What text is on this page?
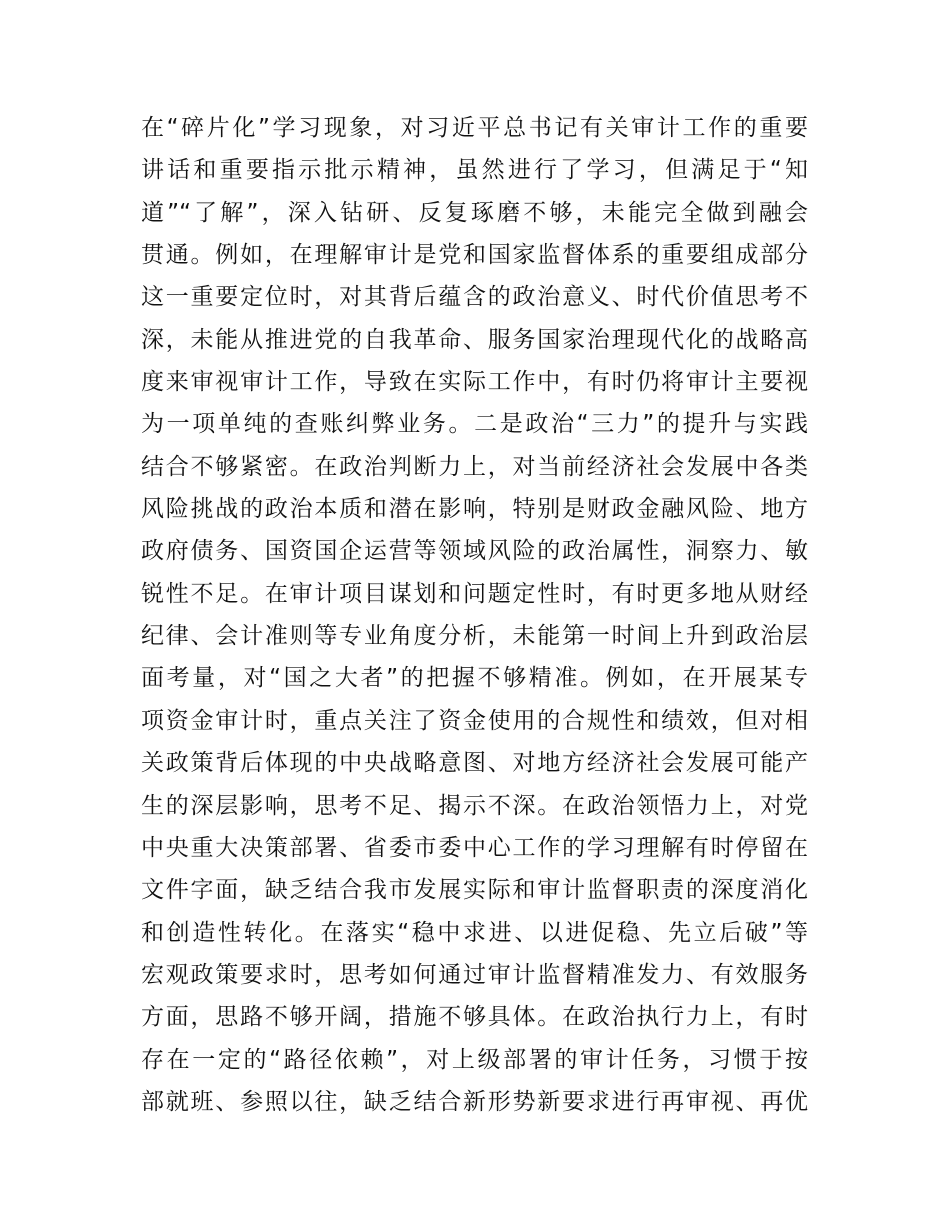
在“碎片化”学习现象，对习近平总书记有关审计工作的重要
讲话和重要指示批示精神，虽然进行了学习，但满足于“知
道”“了解”，深入钻研、反复琢磨不够，未能完全做到融会
贯通。例如，在理解审计是党和国家监督体系的重要组成部分
这一重要定位时，对其背后蕴含的政治意义、时代价值思考不
深，未能从推进党的自我革命、服务国家治理现代化的战略高
度来审视审计工作，导致在实际工作中，有时仍将审计主要视
为一项单纯的查账纠弊业务。二是政治“三力”的提升与实践
结合不够紧密。在政治判断力上，对当前经济社会发展中各类
风险挑战的政治本质和潜在影响，特别是财政金融风险、地方
政府债务、国资国企运营等领域风险的政治属性，洞察力、敏
锐性不足。在审计项目谋划和问题定性时，有时更多地从财经
纪律、会计准则等专业角度分析，未能第一时间上升到政治层
面考量，对“国之大者”的把握不够精准。例如，在开展某专
项资金审计时，重点关注了资金使用的合规性和绩效，但对相
关政策背后体现的中央战略意图、对地方经济社会发展可能产
生的深层影响，思考不足、揭示不深。在政治领悟力上，对党
中央重大决策部署、省委市委中心工作的学习理解有时停留在
文件字面，缺乏结合我市发展实际和审计监督职责的深度消化
和创造性转化。在落实“稳中求进、以进促稳、先立后破”等
宏观政策要求时，思考如何通过审计监督精准发力、有效服务
方面，思路不够开阔，措施不够具体。在政治执行力上，有时
存在一定的“路径依赖”，对上级部署的审计任务，习惯于按
部就班、参照以往，缺乏结合新形势新要求进行再审视、再优
